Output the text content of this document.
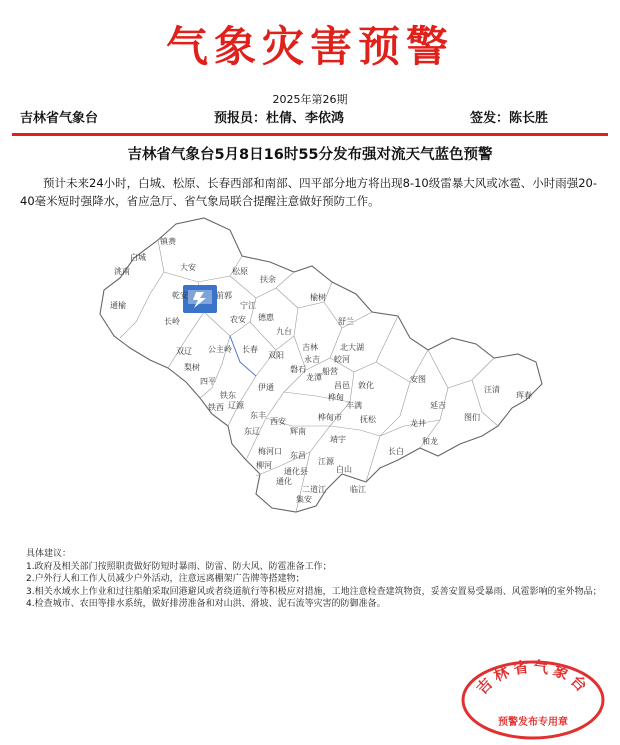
气象灾害预警
2025年第26期
吉林省气象台	预报员：杜倩、李依鸿	签发：陈长胜
吉林省气象台5月8日16时55分发布强对流天气蓝色预警
预计未来24小时，白城、松原、长春西部和南部、四平部分地方将出现8-10级雷暴大风或冰雹、小时雨强20-40毫米短时强降水，省应急厅、省气象局联合提醒注意做好预防工作。
镇赉
白城
洮南	大安
乾安
松原
扶余
宁江
前郭
通榆
长岭	农安 德惠
榆树
舒兰
九台
双辽 公主岭 长春	吉林
永吉 蛟河
敦化
安图
汪清
珲春
图们
延吉
龙井
和龙
梨树
四平
伊通
磐石
桦甸
东丰
辽源
东辽
梅河口
柳河
辉南
靖宇
抚松
江源
白山
临江
长白
通化
集安
西安
铁东
铁西
双阳
北大湖
龙潭
船营
昌邑
丰满
桦甸市
通化县
二道江
东昌
具体建议：
1.政府及相关部门按照职责做好防短时暴雨、防雷、防大风、防雹准备工作；
2.户外行人和工作人员减少户外活动，注意远离棚架广告牌等搭建物；
3.相关水域水上作业和过往船舶采取回港避风或者绕道航行等积极应对措施，工地注意检查建筑物资，妥善安置易受暴雨、风雹影响的室外物品；
4.检查城市、农田等排水系统，做好排涝准备和对山洪、滑坡、泥石流等灾害的防御准备。
吉林省气象台
预警发布专用章
